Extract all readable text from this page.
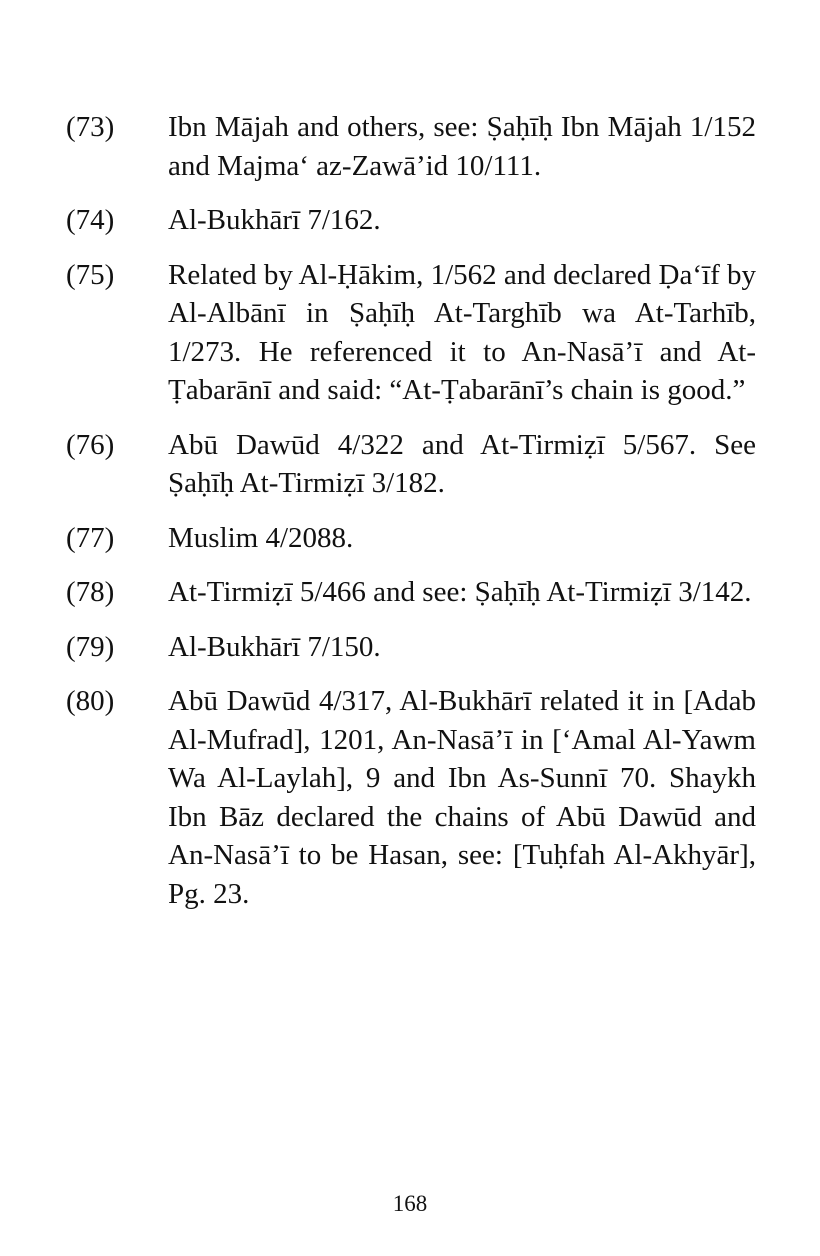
(73)	Ibn Mājah and others, see: Ṣaḥīḥ Ibn Mājah 1/152 and Majma‘ az-Zawā’id 10/111.
(74)	Al-Bukhārī 7/162.
(75)	Related by Al-Ḥākim, 1/562 and declared Ḍa‘īf by Al-Albānī in Ṣaḥīḥ At-Targhīb wa At-Tarhīb, 1/273. He referenced it to An-Nasā’ī and At-Ṭabarānī and said: “At-Ṭabarānī’s chain is good.”
(76)	Abū Dawūd 4/322 and At-Tirmiẓī 5/567. See Ṣaḥīḥ At-Tirmiẓī 3/182.
(77)	Muslim 4/2088.
(78)	At-Tirmiẓī 5/466 and see: Ṣaḥīḥ At-Tirmiẓī 3/142.
(79)	Al-Bukhārī 7/150.
(80)	Abū Dawūd 4/317, Al-Bukhārī related it in [Adab Al-Mufrad], 1201, An-Nasā’ī in [‘Amal Al-Yawm Wa Al-Laylah], 9 and Ibn As-Sunnī 70. Shaykh Ibn Bāz declared the chains of Abū Dawūd and An-Nasā’ī to be Hasan, see: [Tuḥfah Al-Akhyār], Pg. 23.
168
